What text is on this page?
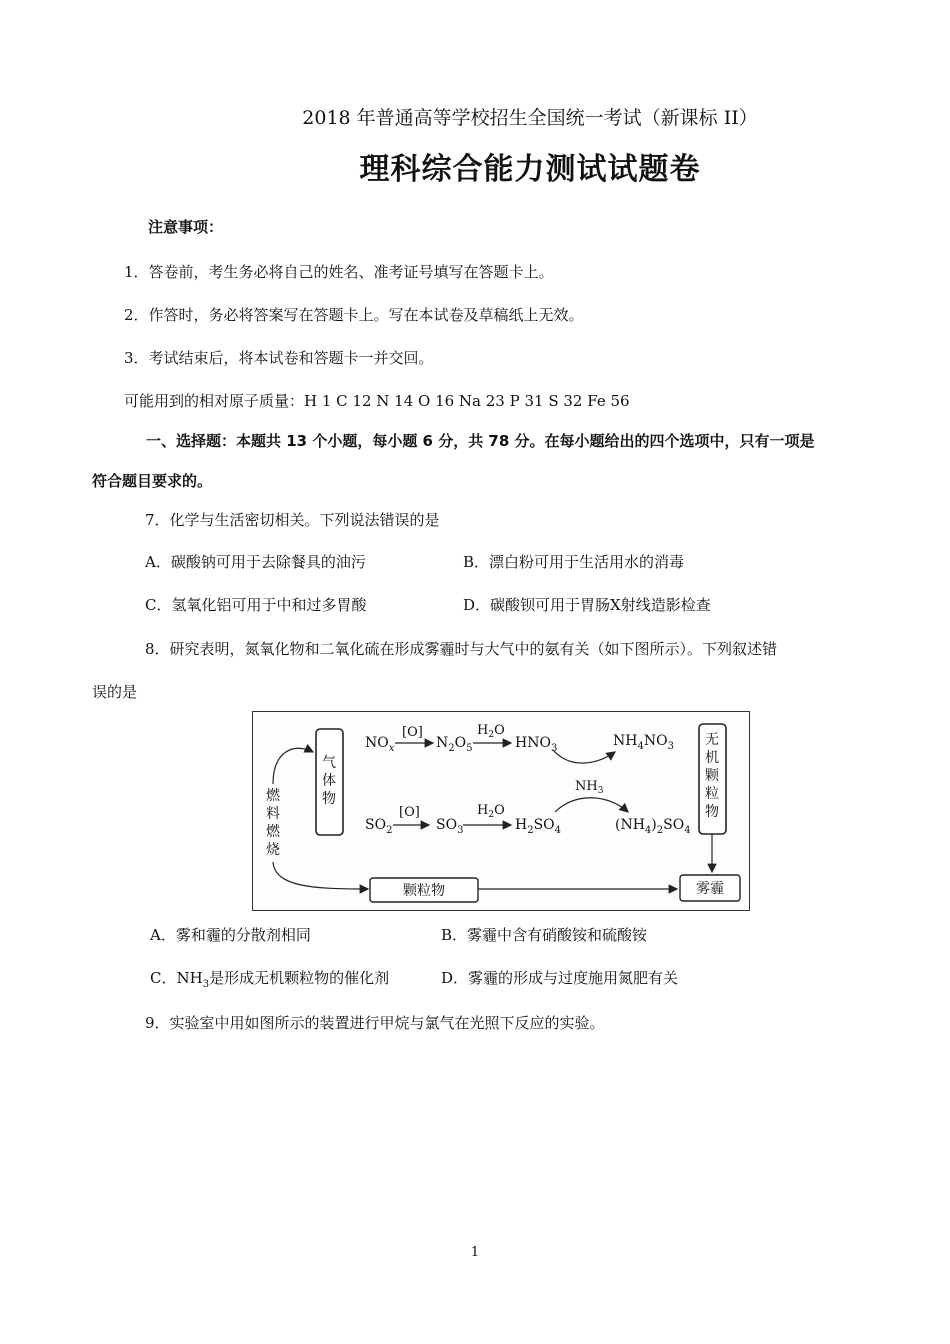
2018 年普通高等学校招生全国统一考试（新课标 II）
理科综合能力测试试题卷
注意事项：
1．答卷前，考生务必将自己的姓名、准考证号填写在答题卡上。
2．作答时，务必将答案写在答题卡上。写在本试卷及草稿纸上无效。
3．考试结束后，将本试卷和答题卡一并交回。
可能用到的相对原子质量：H 1 C 12 N 14 O 16 Na 23 P 31 S 32 Fe 56
一、选择题：本题共 13 个小题，每小题 6 分，共 78 分。在每小题给出的四个选项中，只有一项是
符合题目要求的。
7．化学与生活密切相关。下列说法错误的是
A．碳酸钠可用于去除餐具的油污	B．漂白粉可用于生活用水的消毒
C．氢氧化铝可用于中和过多胃酸	D．碳酸钡可用于胃肠X射线造影检查
8．研究表明，氮氧化物和二氧化硫在形成雾霾时与大气中的氨有关（如下图所示）。下列叙述错
误的是
气
体
物
无
机
颗
粒
物
燃
料
燃
烧
颗粒物	雾霾
$NO_x$
[O]
$N_2O_5$
$H_2O$
$HNO_3$	$NH_4NO_3$
$NH_3$
$SO_2$
[O]
$SO_3$
$H_2O$
$H_2SO_4$	$(NH_4)_2SO_4$
A．雾和霾的分散剂相同	B．雾霾中含有硝酸铵和硫酸铵
C．$NH_3$是形成无机颗粒物的催化剂	D．雾霾的形成与过度施用氮肥有关
9．实验室中用如图所示的装置进行甲烷与氯气在光照下反应的实验。
1
